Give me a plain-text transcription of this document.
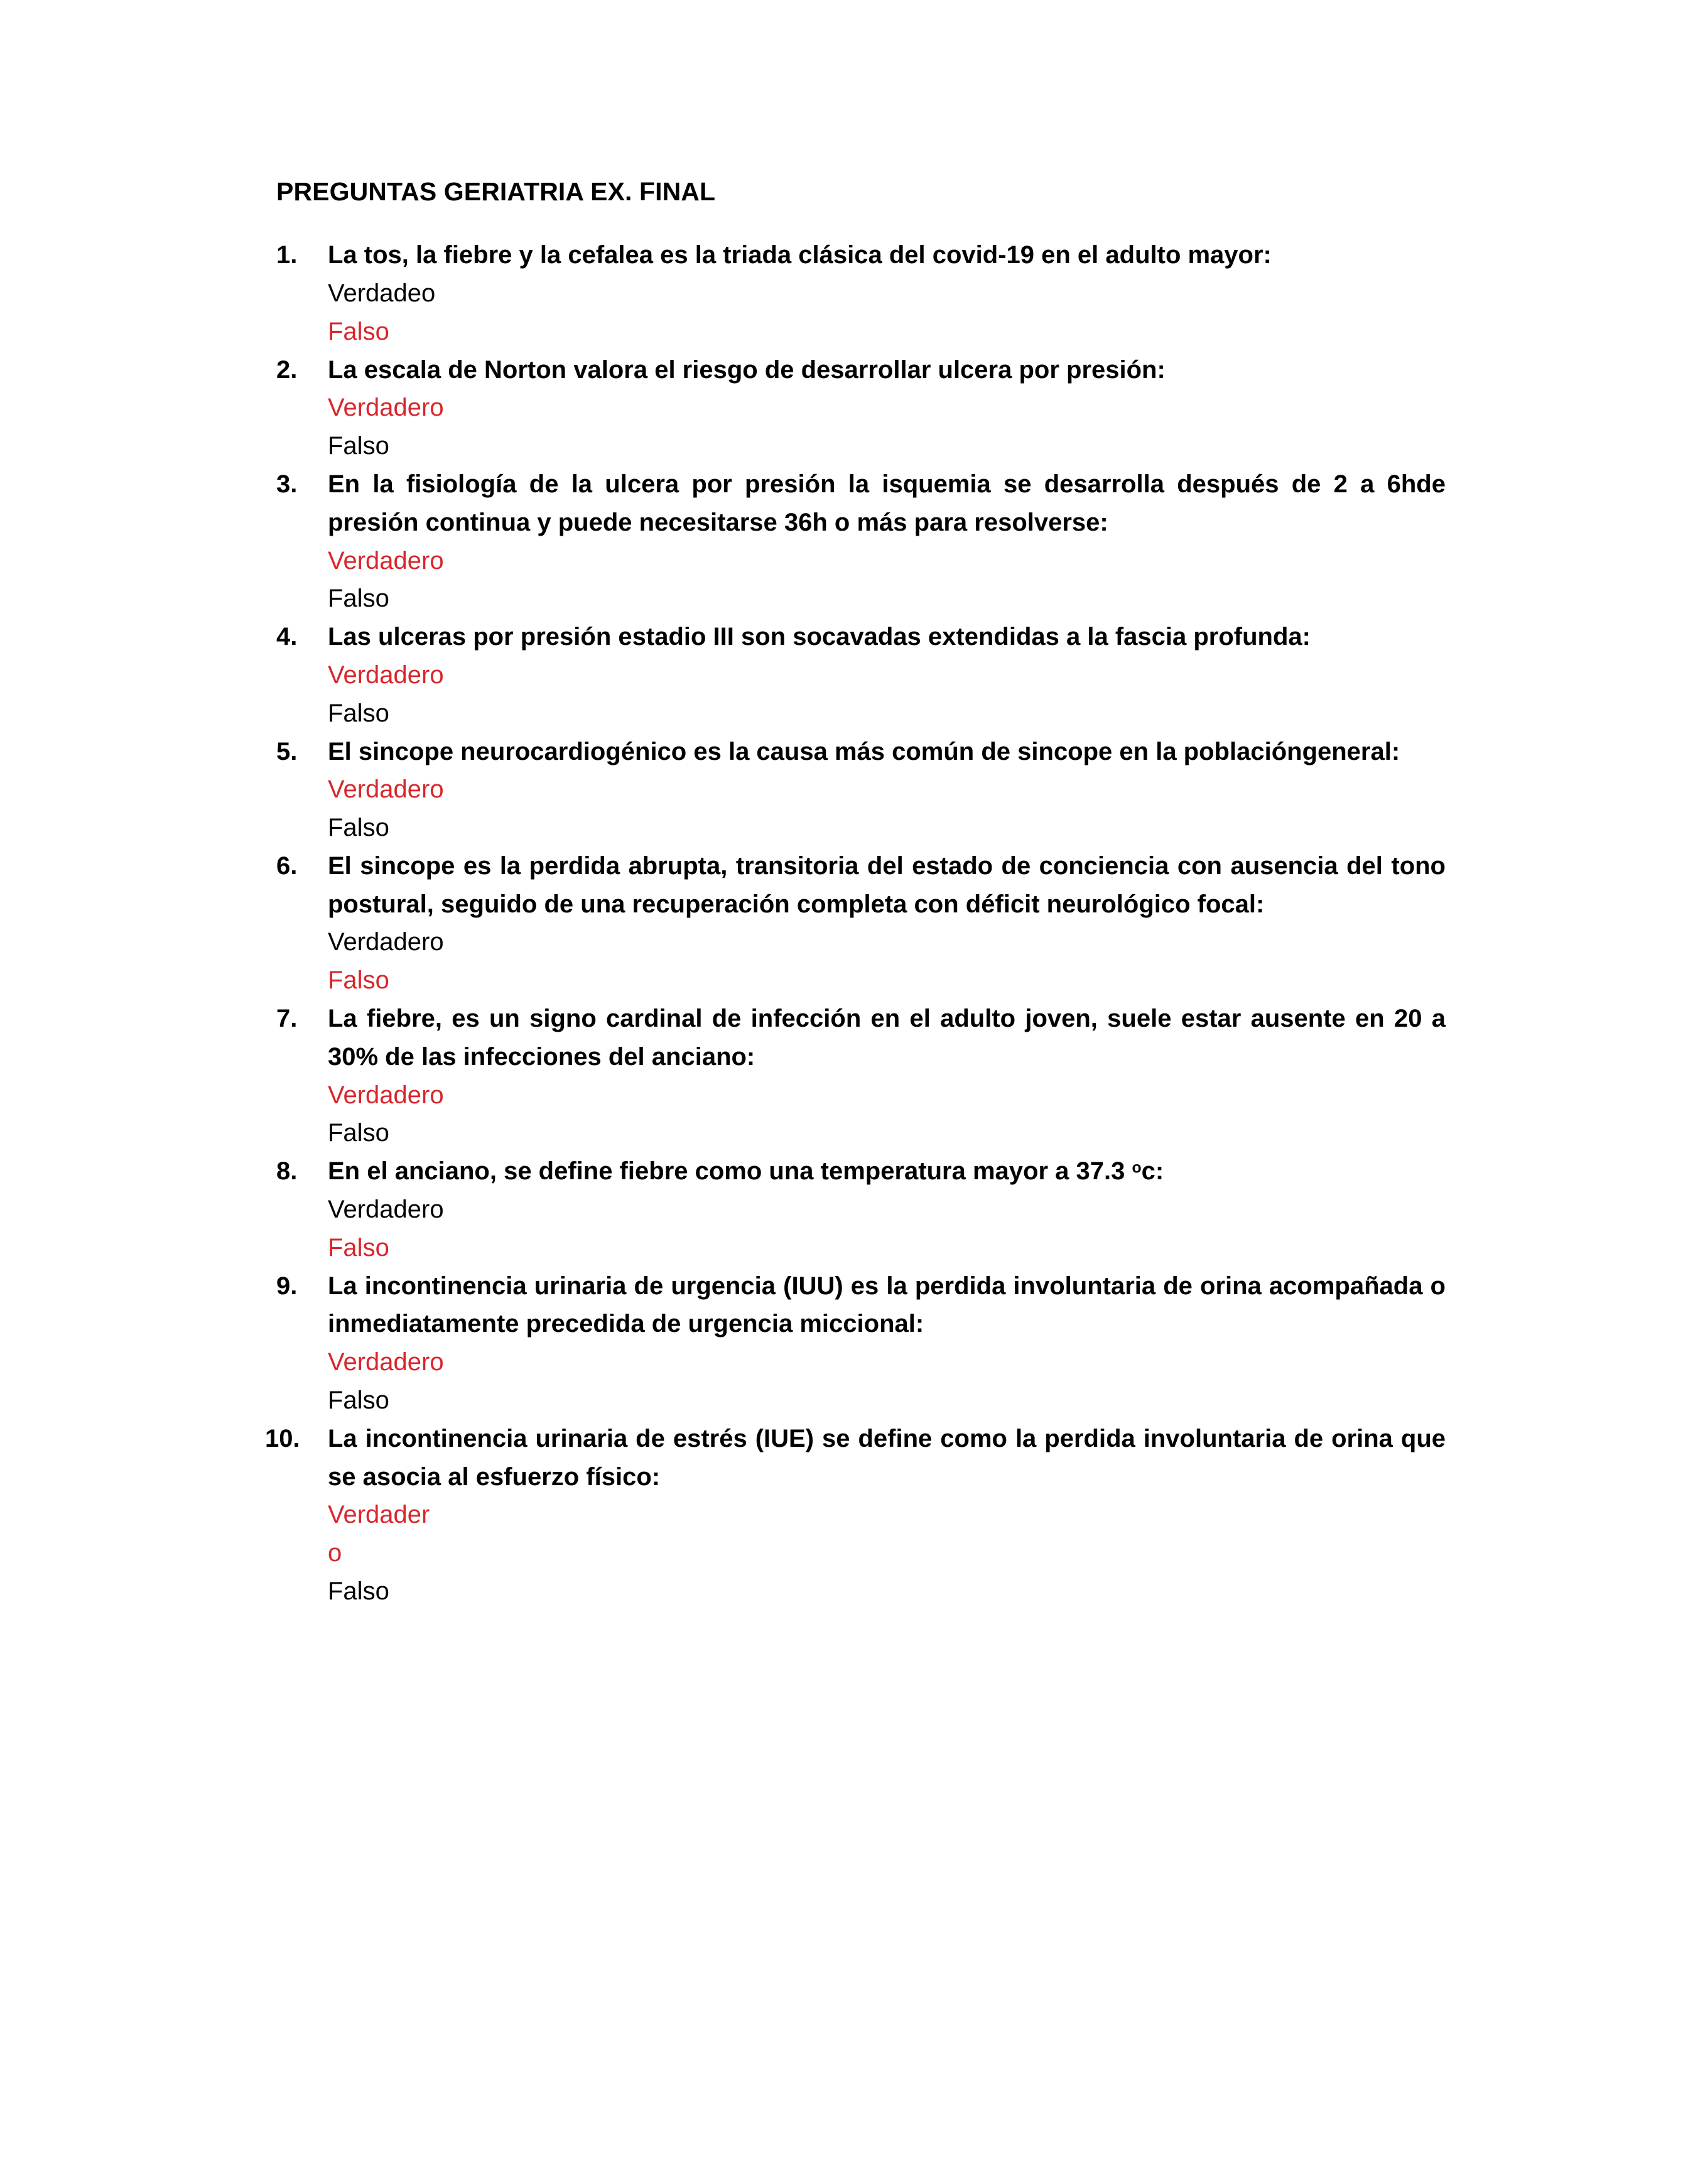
PREGUNTAS GERIATRIA EX. FINAL
1.	La tos, la fiebre y la cefalea es la triada clásica del covid-19 en el adulto mayor:

Verdadeo
Falso
2.	La escala de Norton valora el riesgo de desarrollar ulcera por presión:

Verdadero
Falso
3.	En la fisiología de la ulcera por presión la isquemia se desarrolla después de 2 a 6hde presión continua y puede necesitarse 36h o más para resolverse:

Verdadero
Falso
4.	Las ulceras por presión estadio III son socavadas extendidas a la fascia profunda:

Verdadero
Falso
5.	El sincope neurocardiogénico es la causa más común de sincope en la poblacióngeneral:

Verdadero
Falso
6.	El sincope es la perdida abrupta, transitoria del estado de conciencia con ausencia del tono postural, seguido de una recuperación completa con déficit neurológico focal:

Verdadero
Falso
7.	La fiebre, es un signo cardinal de infección en el adulto joven, suele estar ausente en 20 a 30% de las infecciones del anciano:

Verdadero
Falso
8.	En el anciano, se define fiebre como una temperatura mayor a 37.3 $^o$c:

Verdadero
Falso
9.	La incontinencia urinaria de urgencia (IUU) es la perdida involuntaria de orina acompañada o inmediatamente precedida de urgencia miccional:

Verdadero
Falso
10.	La incontinencia urinaria de estrés (IUE) se define como la perdida involuntaria de orina que se asocia al esfuerzo físico:

Verdader
o
Falso
